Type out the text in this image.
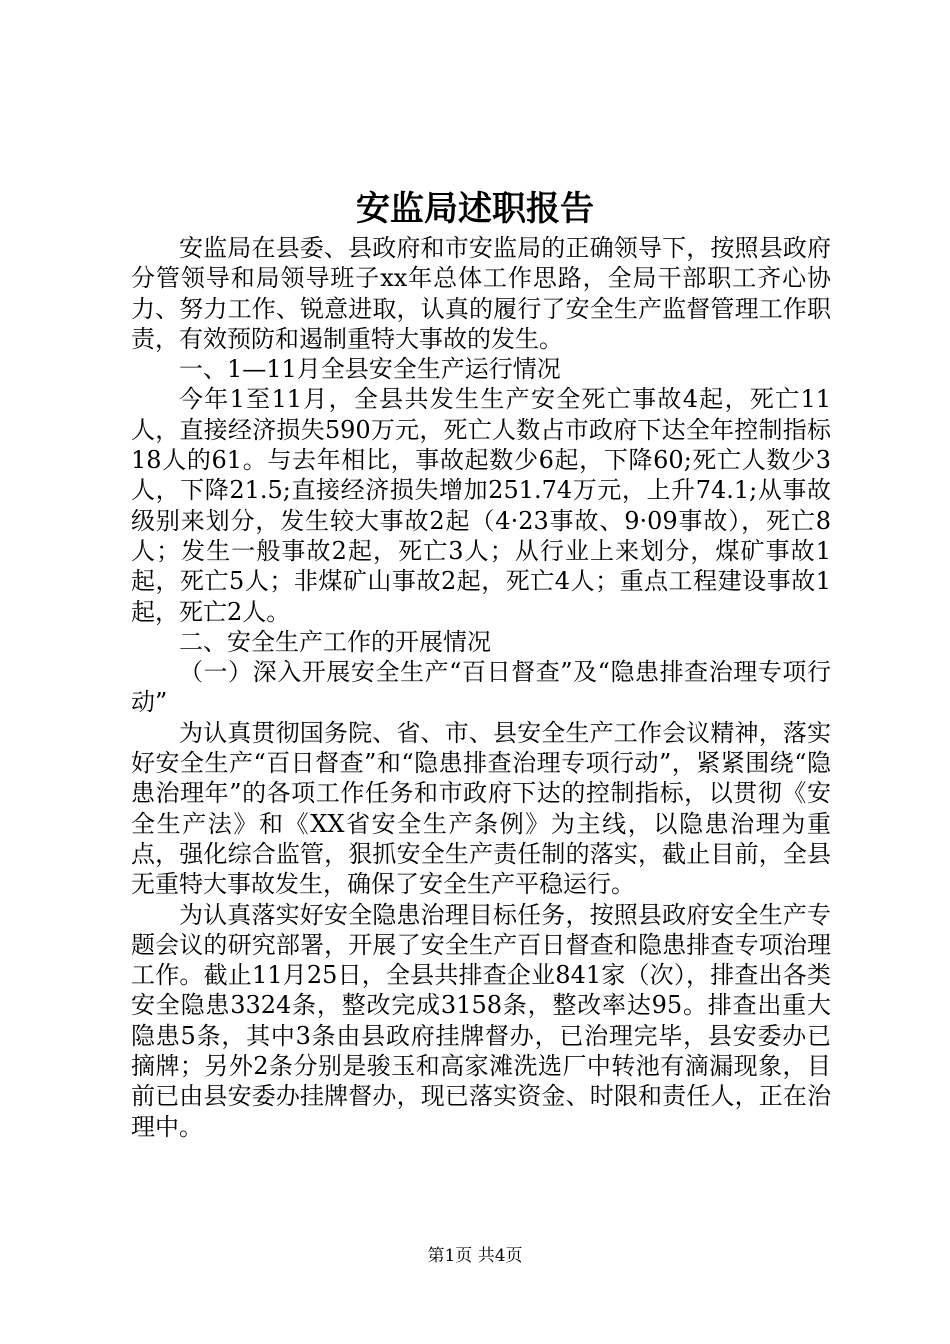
安监局述职报告

安监局在县委、县政府和市安监局的正确领导下，按照县政府分管领导和局领导班子xx年总体工作思路，全局干部职工齐心协力、努力工作、锐意进取，认真的履行了安全生产监督管理工作职责，有效预防和遏制重特大事故的发生。

一、1—11月全县安全生产运行情况

今年1至11月，全县共发生生产安全死亡事故4起，死亡11人，直接经济损失590万元，死亡人数占市政府下达全年控制指标18人的61。与去年相比，事故起数少6起，下降60;死亡人数少3人，下降21.5;直接经济损失增加251.74万元，上升74.1;从事故级别来划分，发生较大事故2起（4·23事故、9·09事故），死亡8人；发生一般事故2起，死亡3人；从行业上来划分，煤矿事故1起，死亡5人；非煤矿山事故2起，死亡4人；重点工程建设事故1起，死亡2人。

二、安全生产工作的开展情况

（一）深入开展安全生产“百日督查”及“隐患排查治理专项行动”

为认真贯彻国务院、省、市、县安全生产工作会议精神，落实好安全生产“百日督查”和“隐患排查治理专项行动”，紧紧围绕“隐患治理年”的各项工作任务和市政府下达的控制指标，以贯彻《安全生产法》和《XX省安全生产条例》为主线，以隐患治理为重点，强化综合监管，狠抓安全生产责任制的落实，截止目前，全县无重特大事故发生，确保了安全生产平稳运行。

为认真落实好安全隐患治理目标任务，按照县政府安全生产专题会议的研究部署，开展了安全生产百日督查和隐患排查专项治理工作。截止11月25日，全县共排查企业841家（次），排查出各类安全隐患3324条，整改完成3158条，整改率达95。排查出重大隐患5条，其中3条由县政府挂牌督办，已治理完毕，县安委办已摘牌；另外2条分别是骏玉和高家滩洗选厂中转池有滴漏现象，目前已由县安委办挂牌督办，现已落实资金、时限和责任人，正在治理中。

第1页 共4页
